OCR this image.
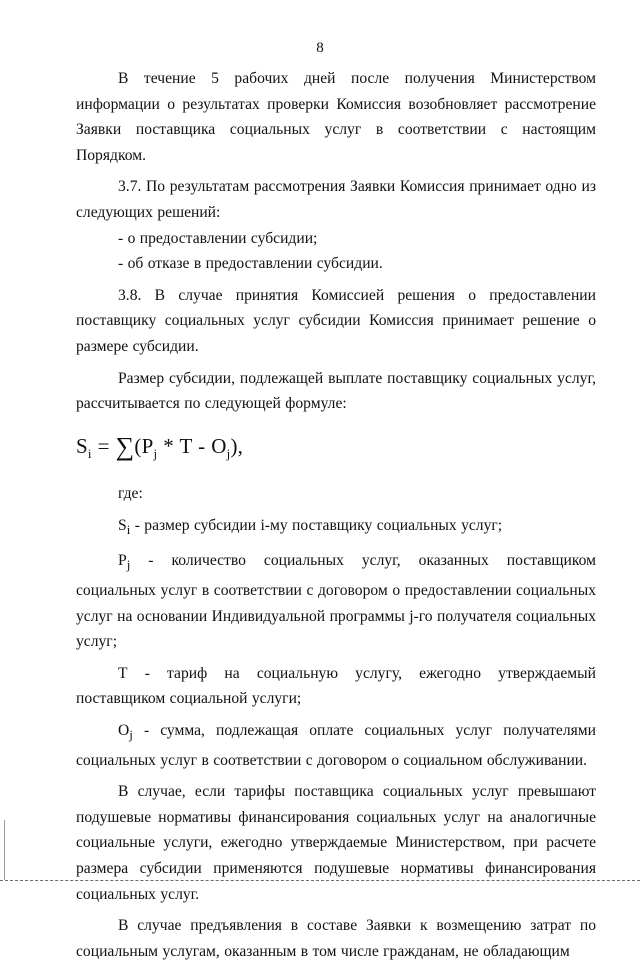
8

В течение 5 рабочих дней после получения Министерством информации о результатах проверки Комиссия возобновляет рассмотрение Заявки поставщика социальных услуг в соответствии с настоящим Порядком.

3.7. По результатам рассмотрения Заявки Комиссия принимает одно из следующих решений:

- о предоставлении субсидии;

- об отказе в предоставлении субсидии.

3.8. В случае принятия Комиссией решения о предоставлении поставщику социальных услуг субсидии Комиссия принимает решение о размере субсидии.

Размер субсидии, подлежащей выплате поставщику социальных услуг, рассчитывается по следующей формуле:

$S_i = \sum(P_j * T - O_j)$,

где:

$S_i$ - размер субсидии i-му поставщику социальных услуг;

$P_j$ - количество социальных услуг, оказанных поставщиком социальных услуг в соответствии с договором о предоставлении социальных услуг на основании Индивидуальной программы j-го получателя социальных услуг;

Т - тариф на социальную услугу, ежегодно утверждаемый поставщиком социальной услуги;

$O_j$ - сумма, подлежащая оплате социальных услуг получателями социальных услуг в соответствии с договором о социальном обслуживании.

В случае, если тарифы поставщика социальных услуг превышают подушевые нормативы финансирования социальных услуг на аналогичные социальные услуги, ежегодно утверждаемые Министерством, при расчете размера субсидии применяются подушевые нормативы финансирования социальных услуг.

В случае предъявления в составе Заявки к возмещению затрат по социальным услугам, оказанным в том числе гражданам, не обладающим
